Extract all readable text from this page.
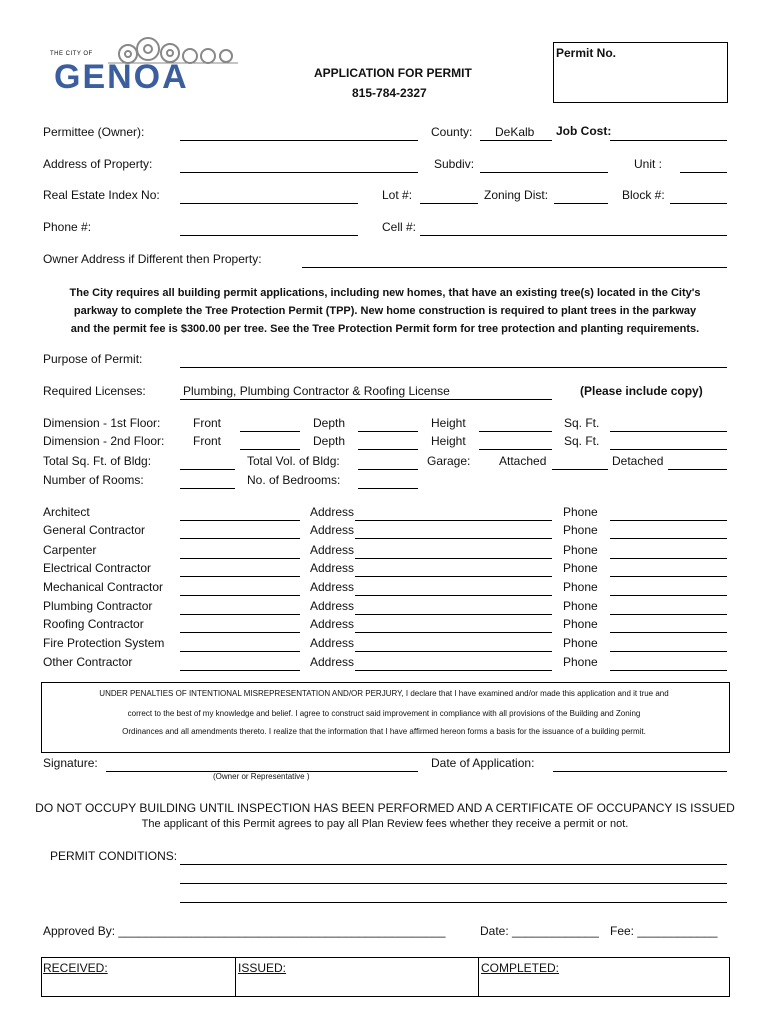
THE CITY OF
GENOA	APPLICATION FOR PERMIT
815-784-2327
Permit No.
Permittee (Owner):	County: DeKalb Job Cost:
Address of Property:	Subdiv:	Unit :
Real Estate Index No:	Lot #:	Zoning Dist:	Block #:
Phone #:	Cell #:
Owner Address if Different then Property:
The City requires all building permit applications, including new homes, that have an existing tree(s) located in the City's
parkway to complete the Tree Protection Permit (TPP). New home construction is required to plant trees in the parkway
and the permit fee is $300.00 per tree. See the Tree Protection Permit form for tree protection and planting requirements.
Purpose of Permit:
Required Licenses:	Plumbing, Plumbing Contractor & Roofing License	(Please include copy)
Dimension - 1st Floor:	Front	Depth	Height	Sq. Ft.
Dimension - 2nd Floor: Front	Depth	Height	Sq. Ft.
Total Sq. Ft. of Bldg:	Total Vol. of Bldg:	Garage: Attached	Detached
Number of Rooms:	No. of Bedrooms:
Architect	Address	Phone
General Contractor	Address	Phone
Carpenter	Address	Phone
Electrical Contractor	Address	Phone
Mechanical Contractor	Address	Phone
Plumbing Contractor	Address	Phone
Roofing Contractor	Address	Phone
Fire Protection System	Address	Phone
Other Contractor	Address	Phone
UNDER PENALTIES OF INTENTIONAL MISREPRESENTATION AND/OR PERJURY, I declare that I have examined and/or made this application and it true and
correct to the best of my knowledge and belief. I agree to construct said improvement in compliance with all provisions of the Building and Zoning
Ordinances and all amendments thereto. I realize that the information that I have affirmed hereon forms a basis for the issuance of a building permit.
Signature:
(Owner or Representative )
Date of Application:
DO NOT OCCUPY BUILDING UNTIL INSPECTION HAS BEEN PERFORMED AND A CERTIFICATE OF OCCUPANCY IS ISSUED
The applicant of this Permit agrees to pay all Plan Review fees whether they receive a permit or not.
PERMIT CONDITIONS:
Approved By: _________________________________________________	Date: _____________ Fee: ____________
RECEIVED:	ISSUED:	COMPLETED:
